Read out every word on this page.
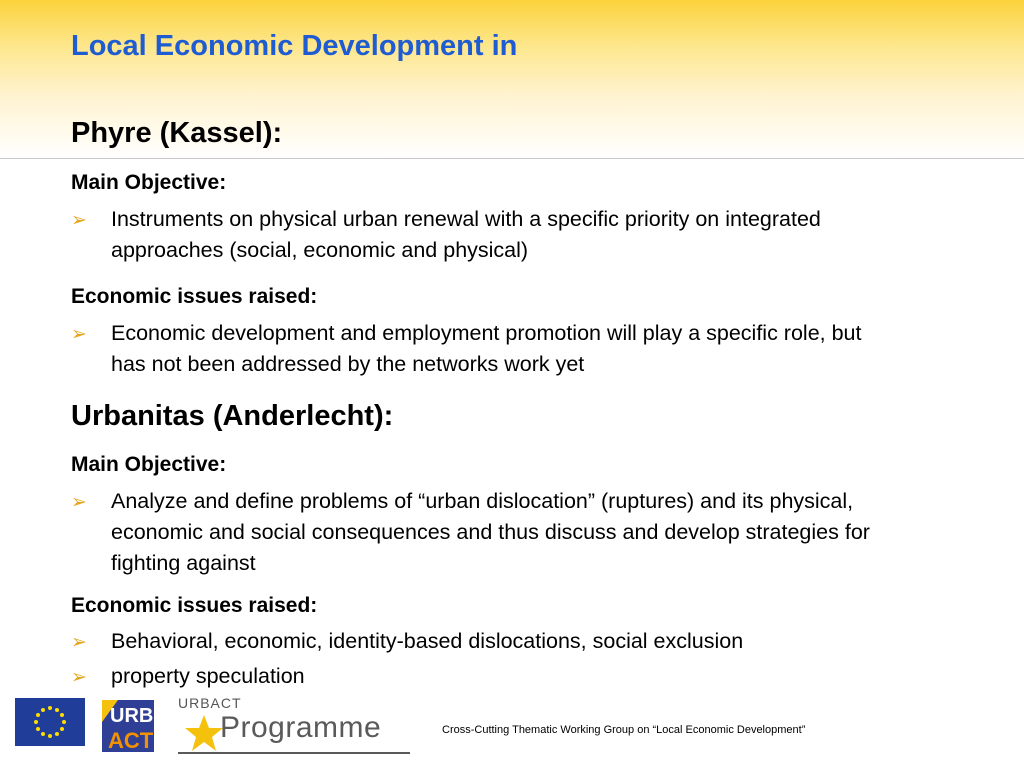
Local Economic Development in
Phyre (Kassel):
Main Objective:
➢ Instruments on physical urban renewal with a specific priority on integrated approaches (social, economic and physical)
Economic issues raised:
➢ Economic development and employment promotion will play a specific role, but has not been addressed by the networks work yet
Urbanitas (Anderlecht):
Main Objective:
➢ Analyze and define problems of “urban dislocation” (ruptures) and its physical, economic and social consequences and thus discuss and develop strategies for fighting against
Economic issues raised:
➢ Behavioral, economic, identity-based dislocations, social exclusion
➢ property speculation
URB
ACT
URBACT
Programme	Cross-Cutting Thematic Working Group on “Local Economic Development”
